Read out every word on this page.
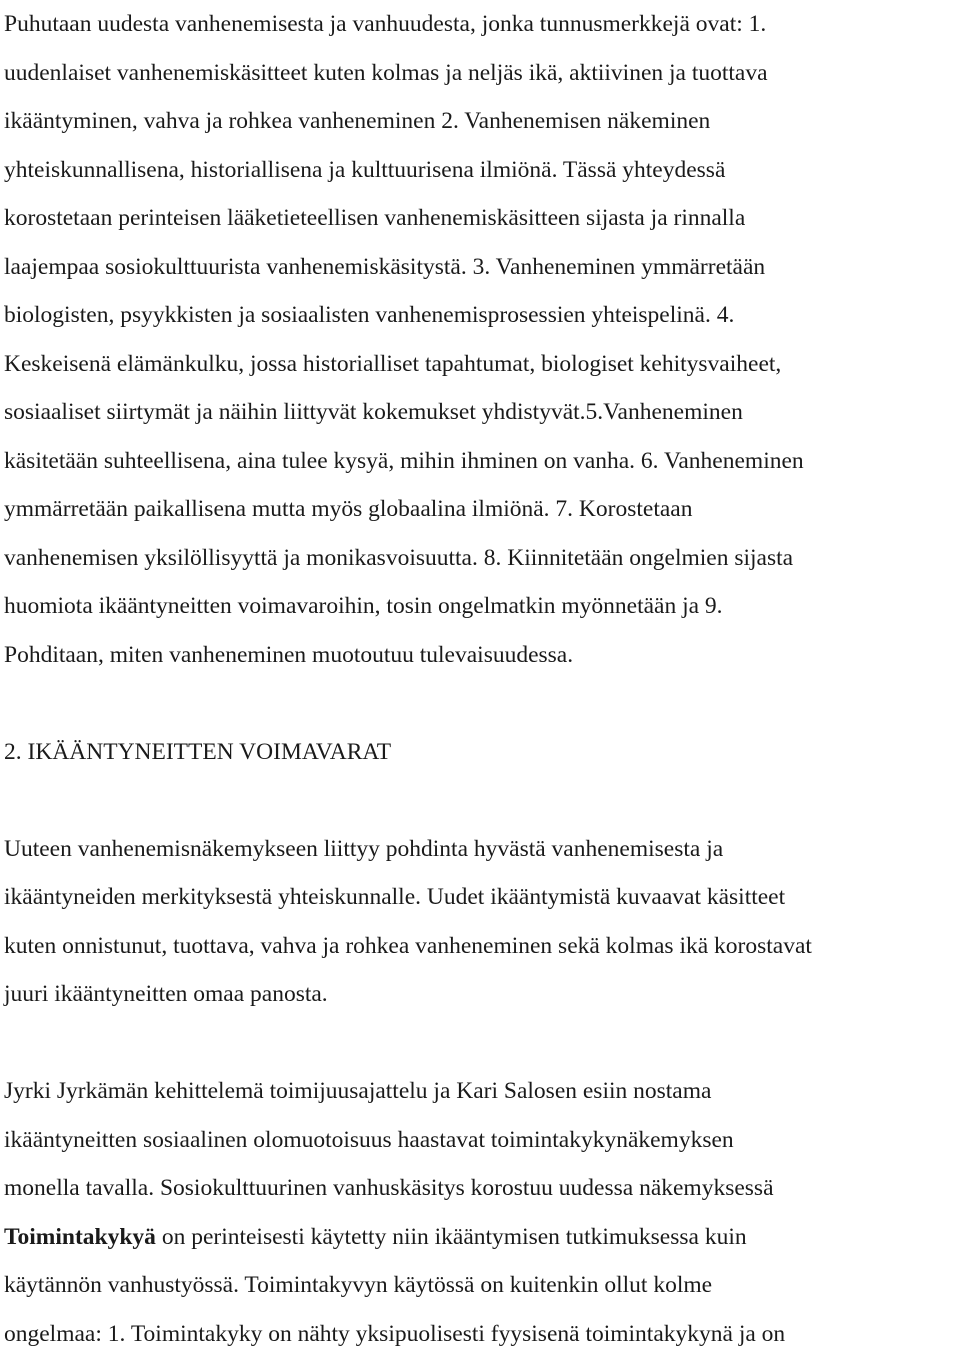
Puhutaan uudesta vanhenemisesta ja vanhuudesta, jonka tunnusmerkkejä ovat: 1.
uudenlaiset vanhenemiskäsitteet kuten kolmas ja neljäs ikä, aktiivinen ja tuottava
ikääntyminen, vahva ja rohkea vanheneminen 2. Vanhenemisen näkeminen
yhteiskunnallisena, historiallisena ja kulttuurisena ilmiönä. Tässä yhteydessä
korostetaan perinteisen lääketieteellisen vanhenemiskäsitteen sijasta ja rinnalla
laajempaa sosiokulttuurista vanhenemiskäsitystä. 3. Vanheneminen ymmärretään
biologisten, psyykkisten ja sosiaalisten vanhenemisprosessien yhteispelinä. 4.
Keskeisenä elämänkulku, jossa historialliset tapahtumat, biologiset kehitysvaiheet,
sosiaaliset siirtymät ja näihin liittyvät kokemukset yhdistyvät.5.Vanheneminen
käsitetään suhteellisena, aina tulee kysyä, mihin ihminen on vanha. 6. Vanheneminen
ymmärretään paikallisena mutta myös globaalina ilmiönä. 7. Korostetaan
vanhenemisen yksilöllisyyttä ja monikasvoisuutta. 8. Kiinnitetään ongelmien sijasta
huomiota ikääntyneitten voimavaroihin, tosin ongelmatkin myönnetään ja 9.
Pohditaan, miten vanheneminen muotoutuu tulevaisuudessa.
2. IKÄÄNTYNEITTEN VOIMAVARAT
Uuteen vanhenemisnäkemykseen liittyy pohdinta hyvästä vanhenemisesta ja
ikääntyneiden merkityksestä yhteiskunnalle. Uudet ikääntymistä kuvaavat käsitteet
kuten onnistunut, tuottava, vahva ja rohkea vanheneminen sekä kolmas ikä korostavat
juuri ikääntyneitten omaa panosta.
Jyrki Jyrkämän kehittelemä toimijuusajattelu ja Kari Salosen esiin nostama
ikääntyneitten sosiaalinen olomuotoisuus haastavat toimintakykynäkemyksen
monella tavalla. Sosiokulttuurinen vanhuskäsitys korostuu uudessa näkemyksessä
Toimintakykyä on perinteisesti käytetty niin ikääntymisen tutkimuksessa kuin
käytännön vanhustyössä. Toimintakyvyn käytössä on kuitenkin ollut kolme
ongelmaa: 1. Toimintakyky on nähty yksipuolisesti fyysisenä toimintakykynä ja on
